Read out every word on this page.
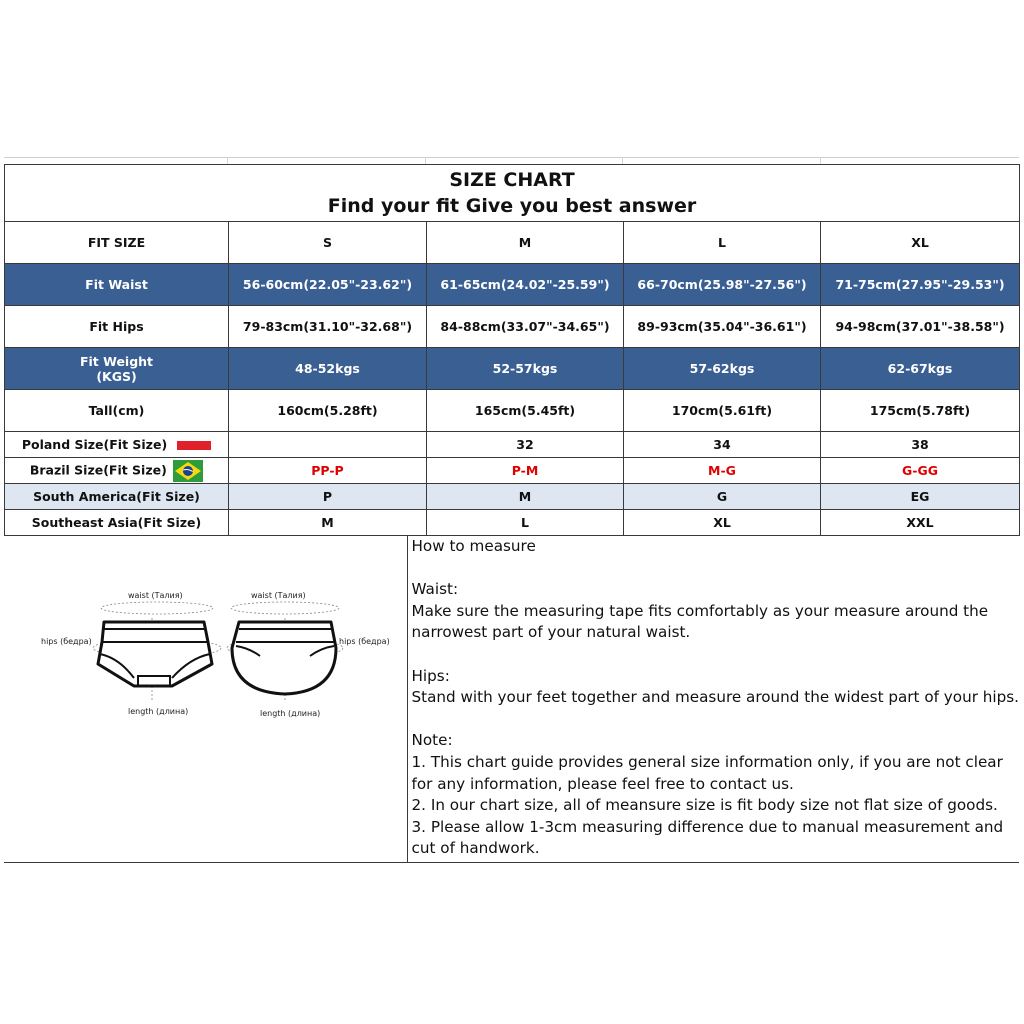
SIZE CHART
Find your fit Give you best answer				

FIT SIZE	S	M	L	XL
Fit Waist	56-60cm(22.05"-23.62")	61-65cm(24.02"-25.59")	66-70cm(25.98"-27.56")	71-75cm(27.95"-29.53")
Fit Hips	79-83cm(31.10"-32.68")	84-88cm(33.07"-34.65")	89-93cm(35.04"-36.61")	94-98cm(37.01"-38.58")

Fit Weight
(KGS)	48-52kgs	52-57kgs	57-62kgs	62-67kgs
Tall(cm)	160cm(5.28ft)	165cm(5.45ft)	170cm(5.61ft)	175cm(5.78ft)
Poland Size(Fit Size)		32	34	38
Brazil Size(Fit Size)	PP-P	P-M	M-G	G-GG
South America(Fit Size)	P	M	G	EG
Southeast Asia(Fit Size)	M	L	XL	XXL
waist (Талия)	waist (Талия)
hips (бедра)	hips (бедра)
length (длина)	length (длина)
How to measure
Waist:
Make sure the measuring tape fits comfortably as your measure around the
narrowest part of your natural waist.
Hips:
Stand with your feet together and measure around the widest part of your hips.
Note:
1. This chart guide provides general size information only, if you are not clear
for any information, please feel free to contact us.
2. In our chart size, all of meansure size is fit body size not flat size of goods.
3. Please allow 1-3cm measuring difference due to manual measurement and
cut of handwork.
